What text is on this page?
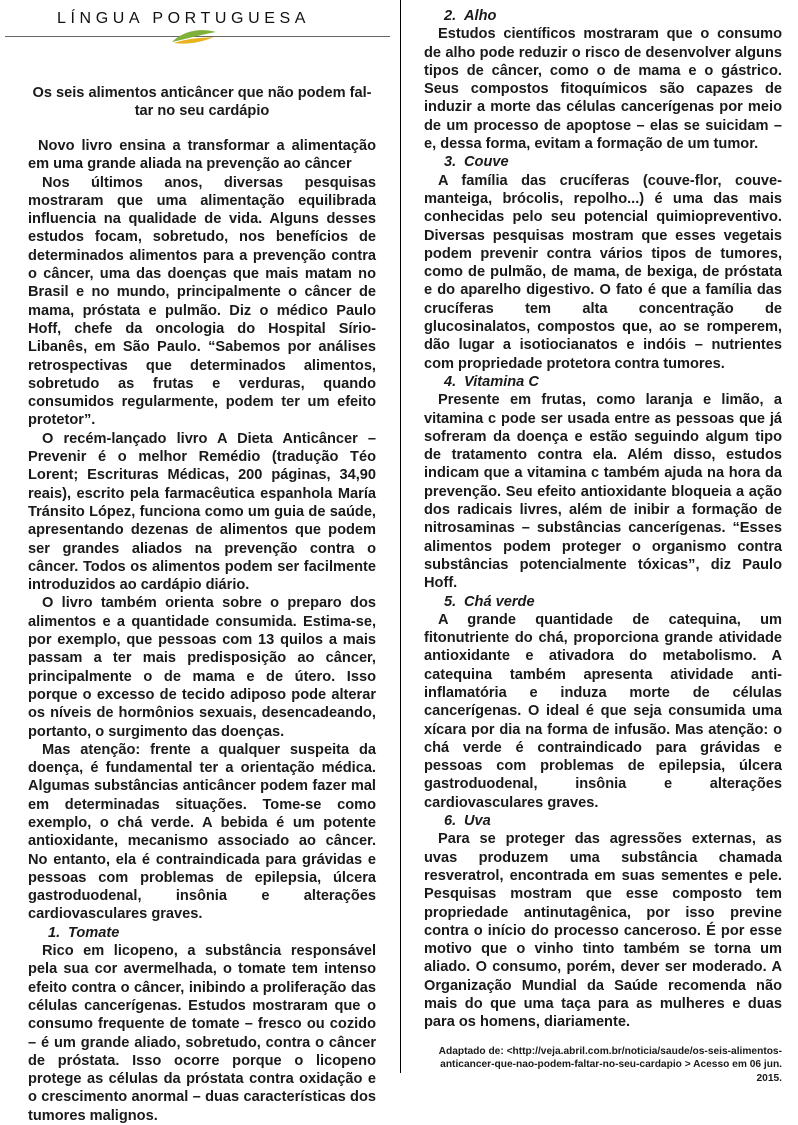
LÍNGUA PORTUGUESA
Os seis alimentos anticâncer que não podem fal-tar no seu cardápio

Novo livro ensina a transformar a alimentação em uma grande aliada na prevenção ao câncer

Nos últimos anos, diversas pesquisas mostraram que uma alimentação equilibrada influencia na qualidade de vida. Alguns desses estudos focam, sobretudo, nos benefícios de determinados alimentos para a prevenção contra o câncer, uma das doenças que mais matam no Brasil e no mundo, principalmente o câncer de mama, próstata e pulmão. Diz o médico Paulo Hoff, chefe da oncologia do Hospital Sírio-Libanês, em São Paulo. “Sabemos por análises retrospectivas que determinados alimentos, sobretudo as frutas e verduras, quando consumidos regularmente, podem ter um efeito protetor”.

O recém-lançado livro A Dieta Anticâncer – Prevenir é o melhor Remédio (tradução Téo Lorent; Escrituras Médicas, 200 páginas, 34,90 reais), escrito pela farmacêutica espanhola María Tránsito López, funciona como um guia de saúde, apresentando dezenas de alimentos que podem ser grandes aliados na prevenção contra o câncer. Todos os alimentos podem ser facilmente introduzidos ao cardápio diário.

O livro também orienta sobre o preparo dos alimentos e a quantidade consumida. Estima-se, por exemplo, que pessoas com 13 quilos a mais passam a ter mais predisposição ao câncer, principalmente o de mama e de útero. Isso porque o excesso de tecido adiposo pode alterar os níveis de hormônios sexuais, desencadeando, portanto, o surgimento das doenças.

Mas atenção: frente a qualquer suspeita da doença, é fundamental ter a orientação médica. Algumas substâncias anticâncer podem fazer mal em determinadas situações. Tome-se como exemplo, o chá verde. A bebida é um potente antioxidante, mecanismo associado ao câncer. No entanto, ela é contraindicada para grávidas e pessoas com problemas de epilepsia, úlcera gastroduodenal, insônia e alterações cardiovasculares graves.

1. Tomate

Rico em licopeno, a substância responsável pela sua cor avermelhada, o tomate tem intenso efeito contra o câncer, inibindo a proliferação das células cancerígenas. Estudos mostraram que o consumo frequente de tomate – fresco ou cozido – é um grande aliado, sobretudo, contra o câncer de próstata. Isso ocorre porque o licopeno protege as células da próstata contra oxidação e o crescimento anormal – duas características dos tumores malignos.

2. Alho

Estudos científicos mostraram que o consumo de alho pode reduzir o risco de desenvolver alguns tipos de câncer, como o de mama e o gástrico. Seus compostos fitoquímicos são capazes de induzir a morte das células cancerígenas por meio de um processo de apoptose – elas se suicidam – e, dessa forma, evitam a formação de um tumor.

3. Couve

A família das crucíferas (couve-flor, couve-manteiga, brócolis, repolho...) é uma das mais conhecidas pelo seu potencial quimiopreventivo. Diversas pesquisas mostram que esses vegetais podem prevenir contra vários tipos de tumores, como de pulmão, de mama, de bexiga, de próstata e do aparelho digestivo. O fato é que a família das crucíferas tem alta concentração de glucosinalatos, compostos que, ao se romperem, dão lugar a isotiocianatos e indóis – nutrientes com propriedade protetora contra tumores.

4. Vitamina C

Presente em frutas, como laranja e limão, a vitamina c pode ser usada entre as pessoas que já sofreram da doença e estão seguindo algum tipo de tratamento contra ela. Além disso, estudos indicam que a vitamina c também ajuda na hora da prevenção. Seu efeito antioxidante bloqueia a ação dos radicais livres, além de inibir a formação de nitrosaminas – substâncias cancerígenas. “Esses alimentos podem proteger o organismo contra substâncias potencialmente tóxicas”, diz Paulo Hoff.

5. Chá verde

A grande quantidade de catequina, um fitonutriente do chá, proporciona grande atividade antioxidante e ativadora do metabolismo. A catequina também apresenta atividade anti-inflamatória e induza morte de células cancerígenas. O ideal é que seja consumida uma xícara por dia na forma de infusão. Mas atenção: o chá verde é contraindicado para grávidas e pessoas com problemas de epilepsia, úlcera gastroduodenal, insônia e alterações cardiovasculares graves.

6. Uva

Para se proteger das agressões externas, as uvas produzem uma substância chamada resveratrol, encontrada em suas sementes e pele. Pesquisas mostram que esse composto tem propriedade antinutagênica, por isso previne contra o início do processo canceroso. É por esse motivo que o vinho tinto também se torna um aliado. O consumo, porém, dever ser moderado. A Organização Mundial da Saúde recomenda não mais do que uma taça para as mulheres e duas para os homens, diariamente.

Adaptado de: <http://veja.abril.com.br/noticia/saude/os-seis-alimentos-anticancer-que-nao-podem-faltar-no-seu-cardapio > Acesso em 06 jun. 2015.
